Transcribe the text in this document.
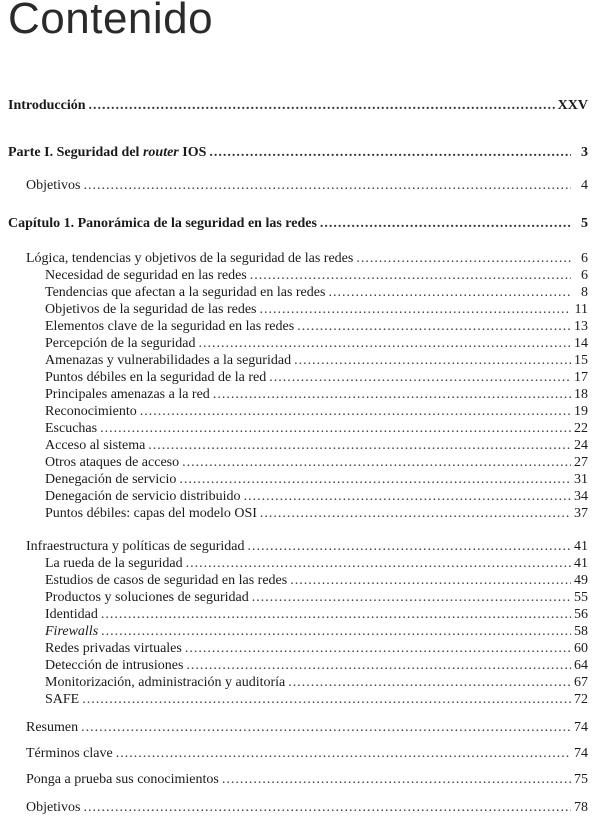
Contenido
Introducción .....	XXV
Parte I. Seguridad del router IOS .....	3
Objetivos .....	4
Capítulo 1. Panorámica de la seguridad en las redes .....	5
Lógica, tendencias y objetivos de la seguridad de las redes .....	6
Necesidad de seguridad en las redes .....	6
Tendencias que afectan a la seguridad en las redes .....	8
Objetivos de la seguridad de las redes .....	11
Elementos clave de la seguridad en las redes .....	13
Percepción de la seguridad .....	14
Amenazas y vulnerabilidades a la seguridad .....	15
Puntos débiles en la seguridad de la red .....	17
Principales amenazas a la red .....	18
Reconocimiento .....	19
Escuchas .....	22
Acceso al sistema .....	24
Otros ataques de acceso .....	27
Denegación de servicio .....	31
Denegación de servicio distribuido .....	34
Puntos débiles: capas del modelo OSI .....	37
Infraestructura y políticas de seguridad .....	41
La rueda de la seguridad .....	41
Estudios de casos de seguridad en las redes .....	49
Productos y soluciones de seguridad .....	55
Identidad .....	56
Firewalls .....	58
Redes privadas virtuales .....	60
Detección de intrusiones .....	64
Monitorización, administración y auditoría .....	67
SAFE .....	72
Resumen .....	74
Términos clave .....	74
Ponga a prueba sus conocimientos .....	75
Objetivos .....	78
